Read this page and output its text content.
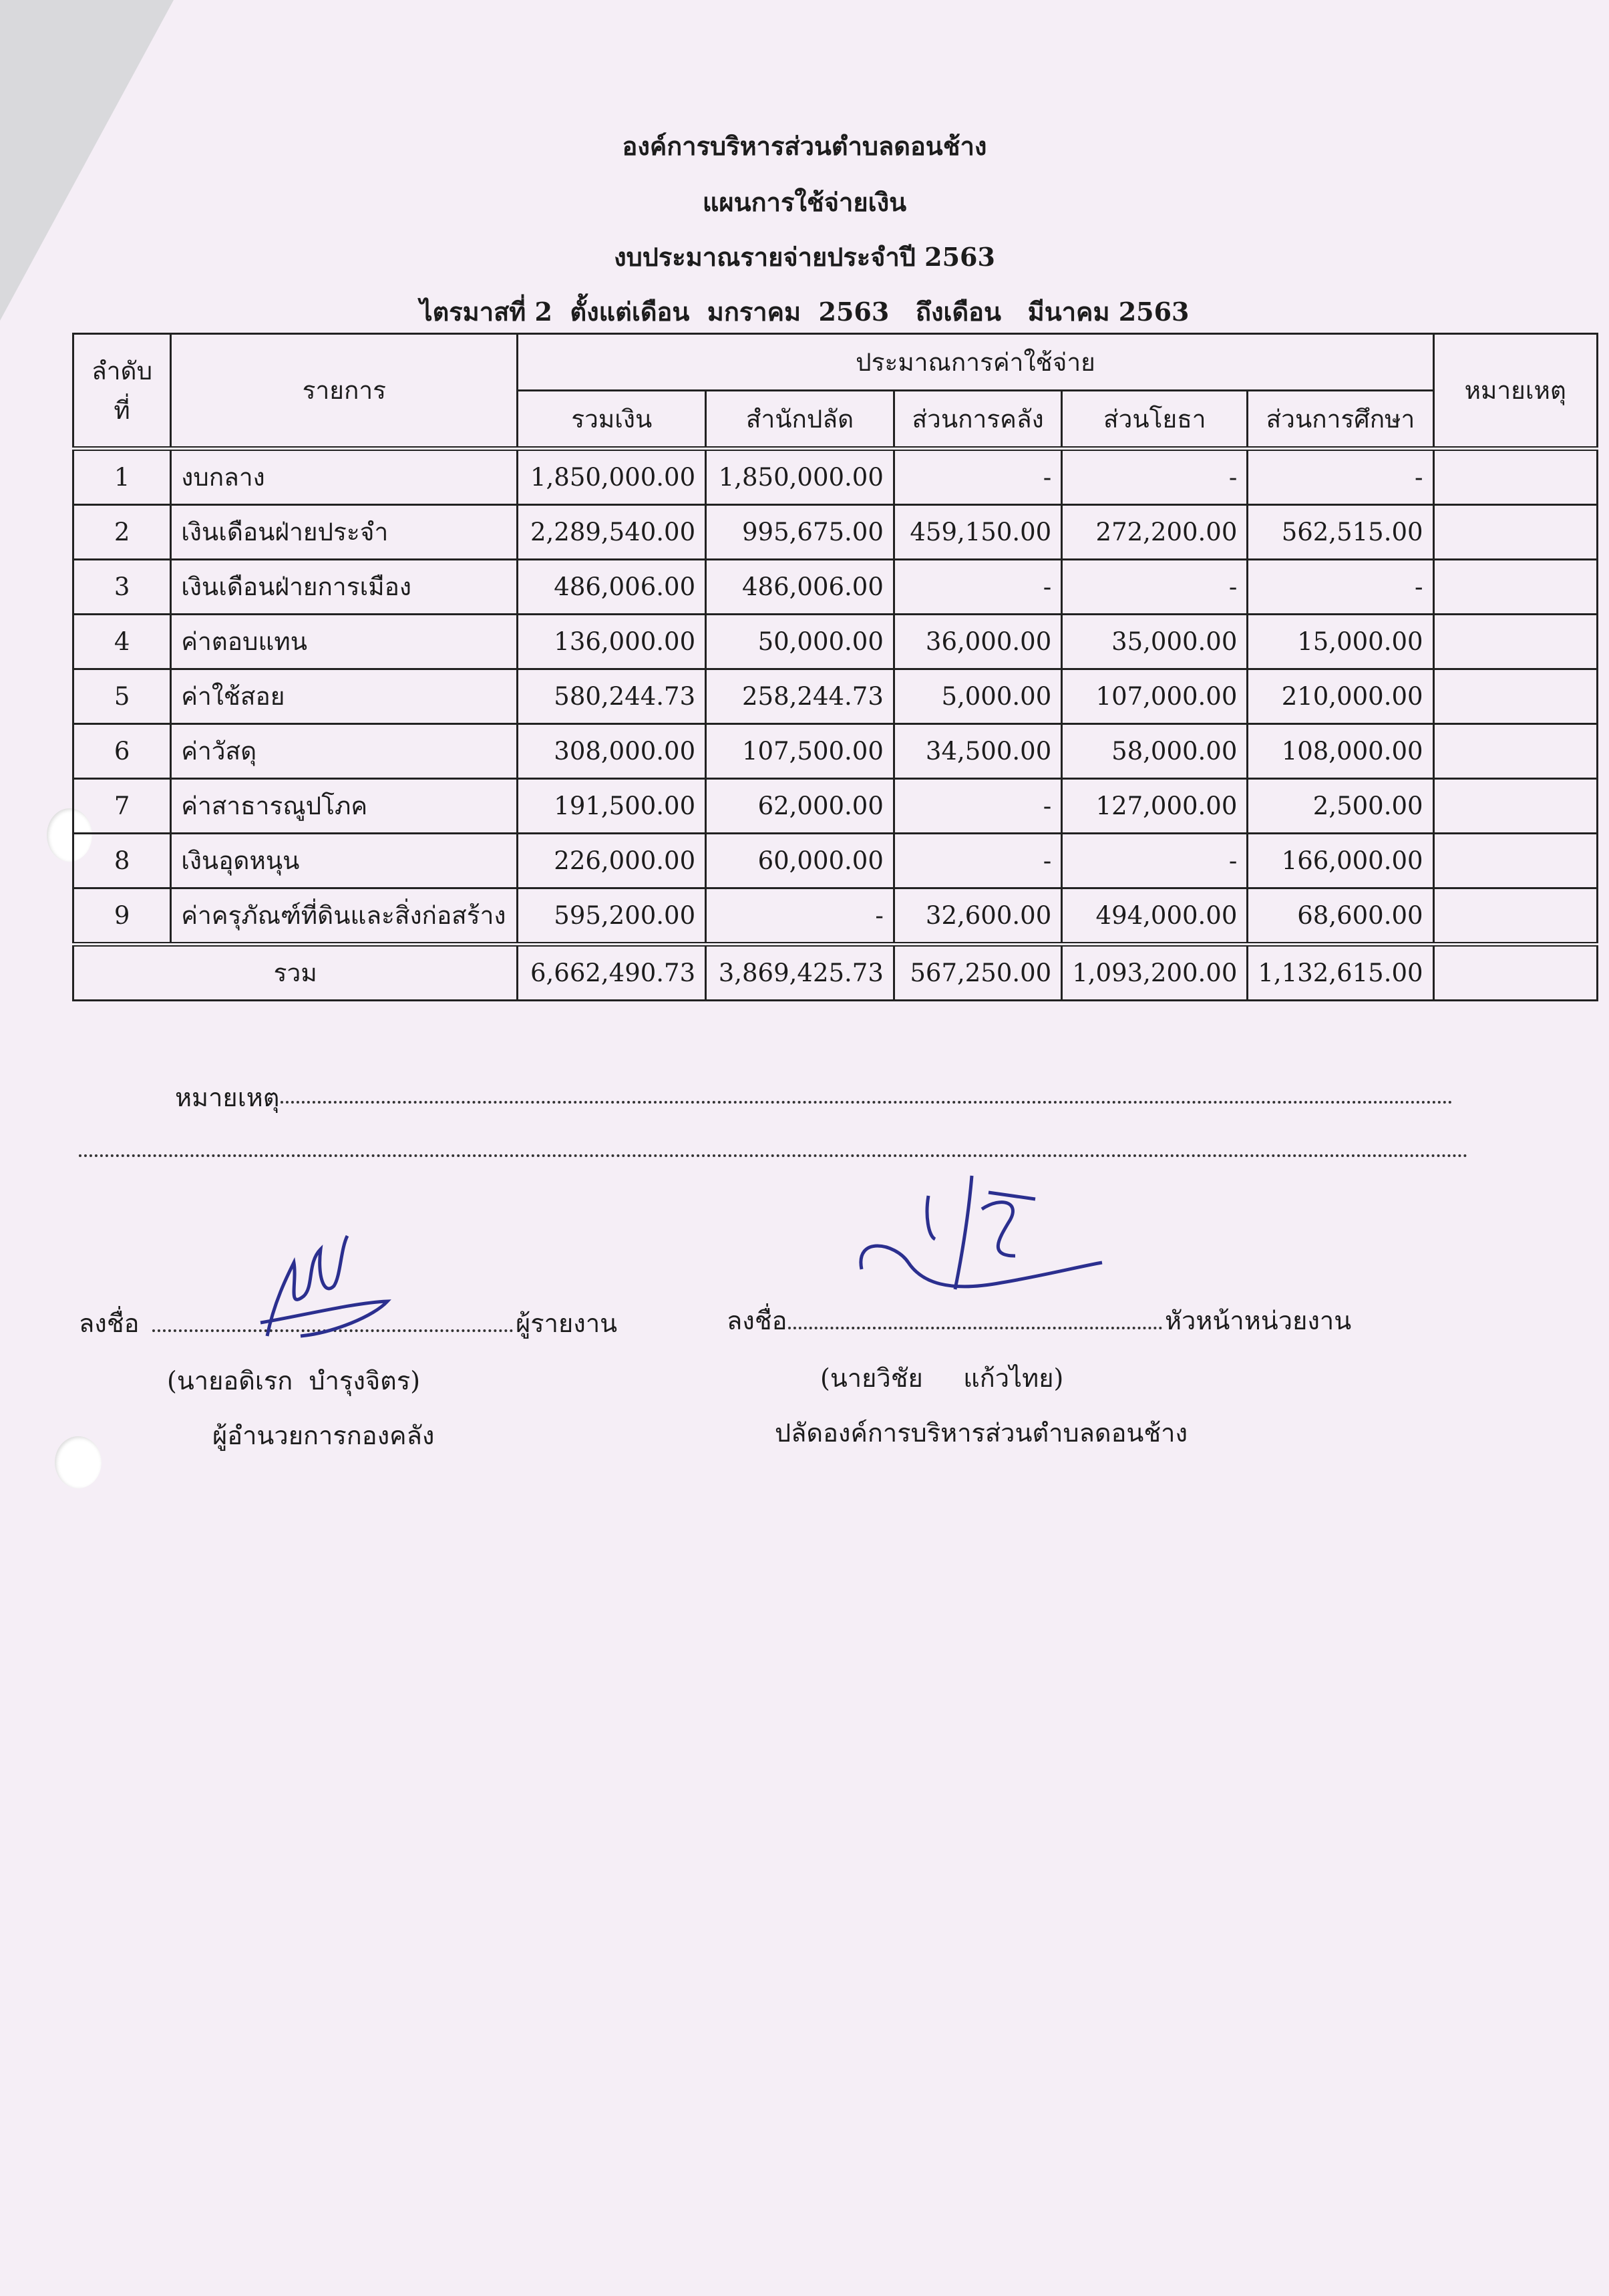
องค์การบริหารส่วนตำบลดอนช้าง
แผนการใช้จ่ายเงิน
งบประมาณรายจ่ายประจำปี 2563
ไตรมาสที่ 2  ตั้งแต่เดือน  มกราคม  2563   ถึงเดือน   มีนาคม 2563
ลำดับที่	รายการ	ประมาณการค่าใช้จ่าย					หมายเหตุ
		รวมเงิน	สำนักปลัด	ส่วนการคลัง	ส่วนโยธา	ส่วนการศึกษา	
1	งบกลาง	1,850,000.00	1,850,000.00	-	-	-	
2	เงินเดือนฝ่ายประจำ	2,289,540.00	995,675.00	459,150.00	272,200.00	562,515.00	
3	เงินเดือนฝ่ายการเมือง	486,006.00	486,006.00	-	-	-	
4	ค่าตอบแทน	136,000.00	50,000.00	36,000.00	35,000.00	15,000.00	
5	ค่าใช้สอย	580,244.73	258,244.73	5,000.00	107,000.00	210,000.00	
6	ค่าวัสดุ	308,000.00	107,500.00	34,500.00	58,000.00	108,000.00	
7	ค่าสาธารณูปโภค	191,500.00	62,000.00	-	127,000.00	2,500.00	
8	เงินอุดหนุน	226,000.00	60,000.00	-	-	166,000.00	
9	ค่าครุภัณฑ์ที่ดินและสิ่งก่อสร้าง	595,200.00	-	32,600.00	494,000.00	68,600.00	
รวม		6,662,490.73	3,869,425.73	567,250.00	1,093,200.00	1,132,615.00	
หมายเหตุ
ลงชื่อ	ผู้รายงาน
(นายอดิเรก  บำรุงจิตร)
ผู้อำนวยการกองคลัง
ลงชื่อ	หัวหน้าหน่วยงาน
(นายวิชัย     แก้วไทย)
ปลัดองค์การบริหารส่วนตำบลดอนช้าง
